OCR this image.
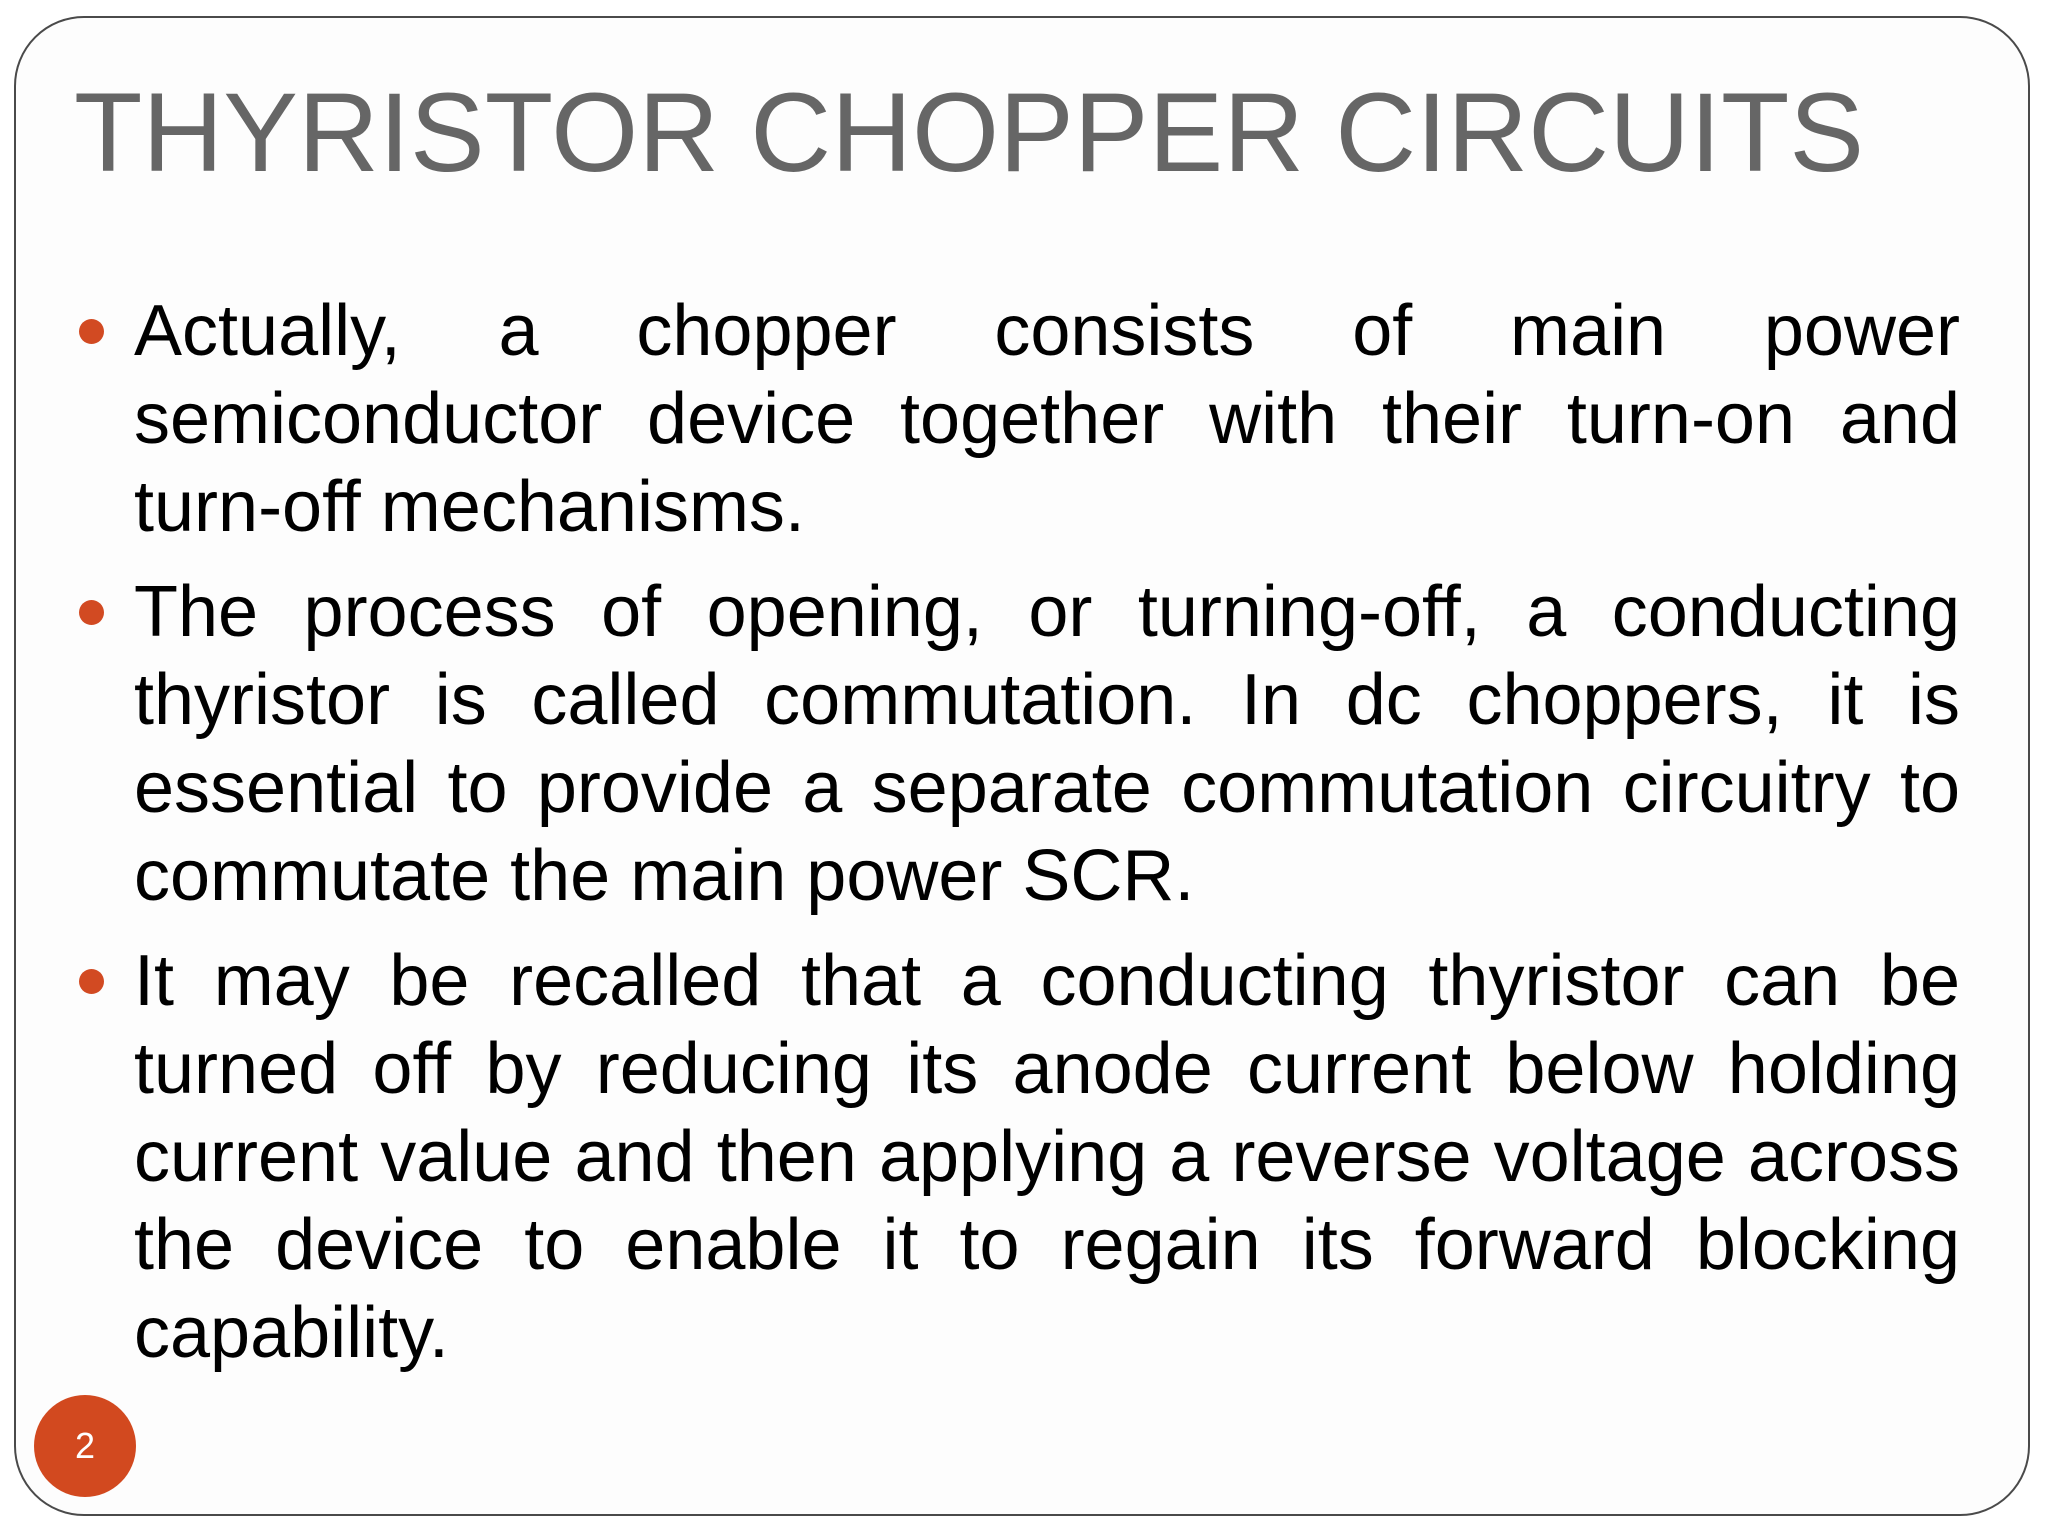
THYRISTOR CHOPPER CIRCUITS
Actually, a chopper consists of main power semiconductor device together with their turn-on and turn-off mechanisms.
The process of opening, or turning-off, a conducting thyristor is called commutation. In dc choppers, it is essential to provide a separate commutation circuitry to commutate the main power SCR.
It may be recalled that a conducting thyristor can be turned off by reducing its anode current below holding current value and then applying a reverse voltage across the device to enable it to regain its forward blocking capability.
2
